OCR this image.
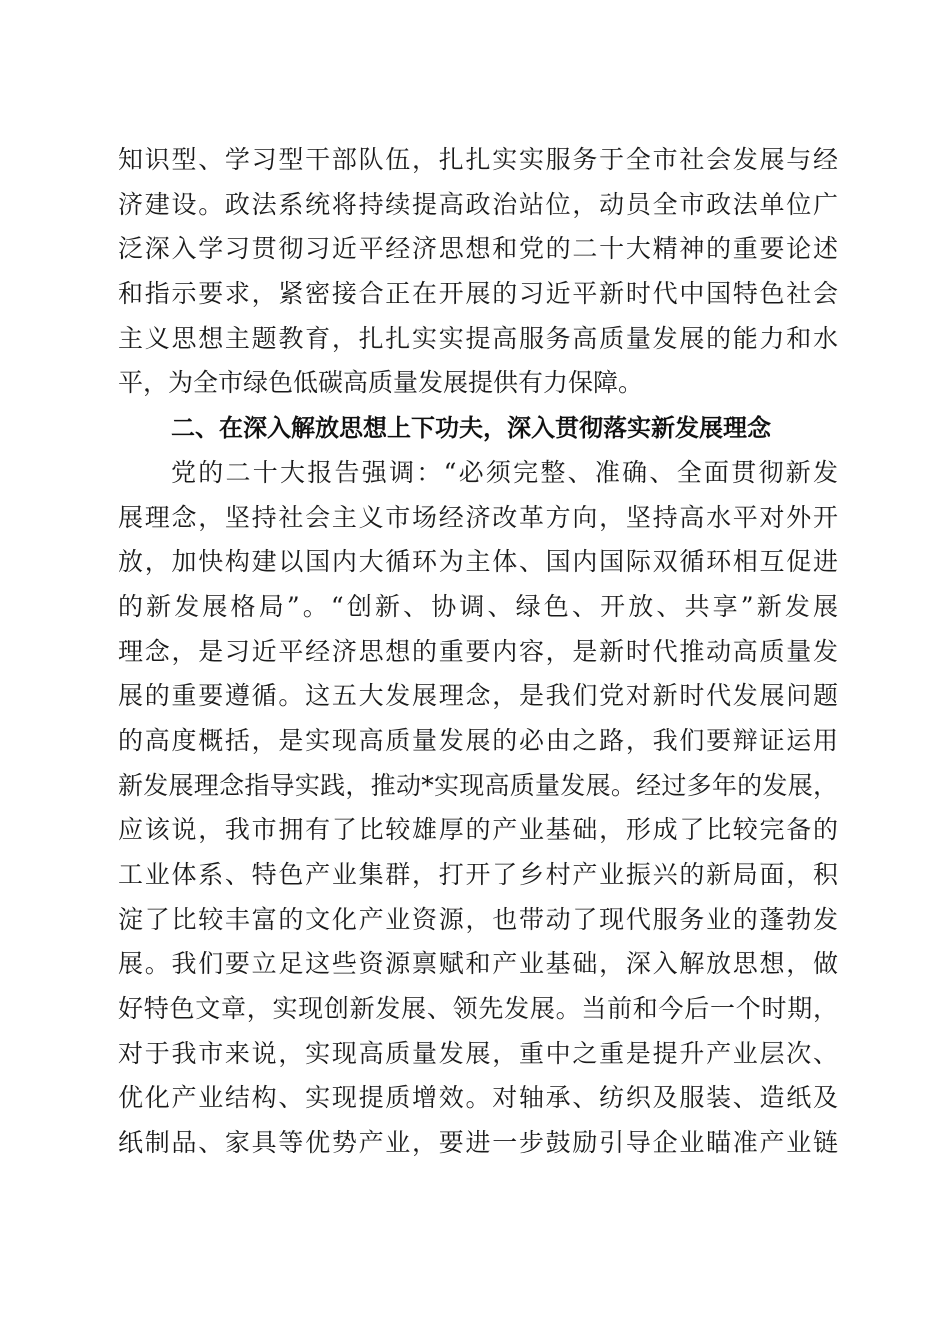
知识型、学习型干部队伍，扎扎实实服务于全市社会发展与经
济建设。政法系统将持续提高政治站位，动员全市政法单位广
泛深入学习贯彻习近平经济思想和党的二十大精神的重要论述
和指示要求，紧密接合正在开展的习近平新时代中国特色社会
主义思想主题教育，扎扎实实提高服务高质量发展的能力和水
平，为全市绿色低碳高质量发展提供有力保障。
二、在深入解放思想上下功夫，深入贯彻落实新发展理念
党的二十大报告强调：“必须完整、准确、全面贯彻新发
展理念，坚持社会主义市场经济改革方向，坚持高水平对外开
放，加快构建以国内大循环为主体、国内国际双循环相互促进
的新发展格局”。“创新、协调、绿色、开放、共享”新发展
理念，是习近平经济思想的重要内容，是新时代推动高质量发
展的重要遵循。这五大发展理念，是我们党对新时代发展问题
的高度概括，是实现高质量发展的必由之路，我们要辩证运用
新发展理念指导实践，推动*实现高质量发展。经过多年的发展，
应该说，我市拥有了比较雄厚的产业基础，形成了比较完备的
工业体系、特色产业集群，打开了乡村产业振兴的新局面，积
淀了比较丰富的文化产业资源，也带动了现代服务业的蓬勃发
展。我们要立足这些资源禀赋和产业基础，深入解放思想，做
好特色文章，实现创新发展、领先发展。当前和今后一个时期，
对于我市来说，实现高质量发展，重中之重是提升产业层次、
优化产业结构、实现提质增效。对轴承、纺织及服装、造纸及
纸制品、家具等优势产业，要进一步鼓励引导企业瞄准产业链
